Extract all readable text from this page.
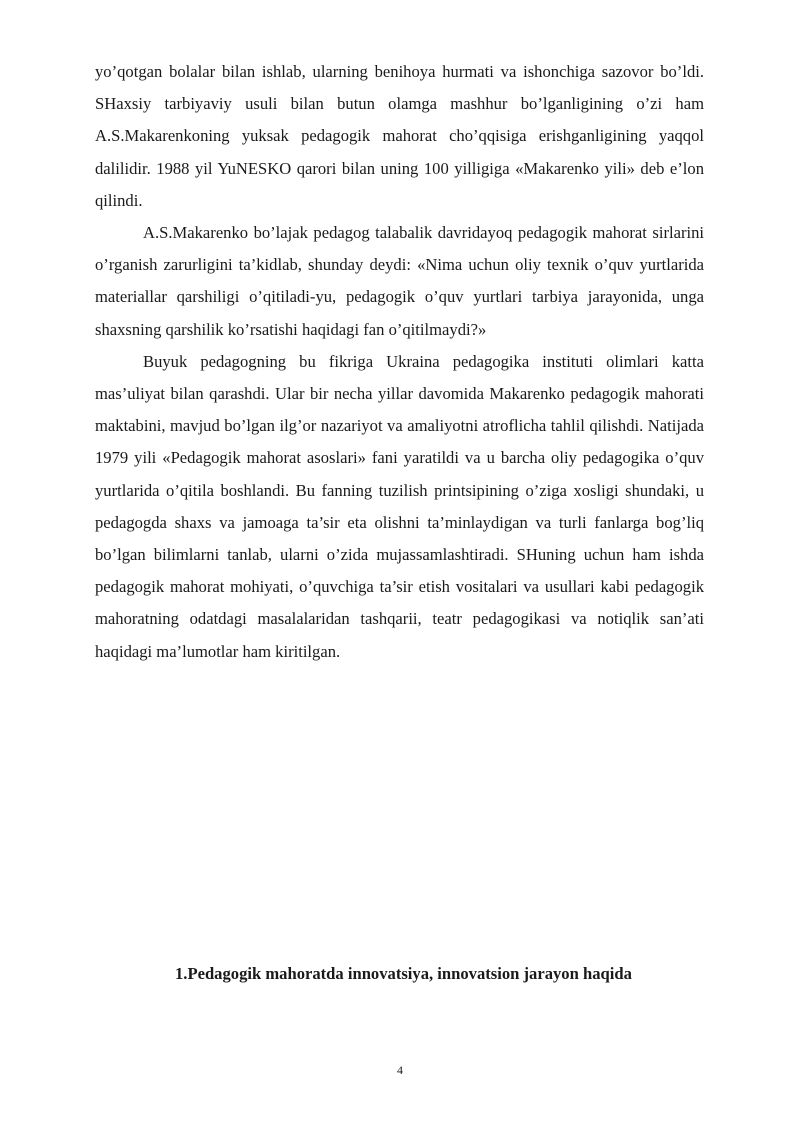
yo’qotgan bolalar bilan ishlab, ularning benihoya hurmati va ishonchiga sazovor bo’ldi. SHaxsiy tarbiyaviy usuli bilan butun olamga mashhur bo’lganligining o’zi ham A.S.Makarenkoning yuksak pedagogik mahorat cho’qqisiga erishganligining yaqqol dalilidir. 1988 yil YuNESKO qarori bilan uning 100 yilligiga «Makarenko yili» deb e’lon qilindi.

A.S.Makarenko bo’lajak pedagog talabalik davridayoq pedagogik mahorat sirlarini o’rganish zarurligini ta’kidlab, shunday deydi: «Nima uchun oliy texnik o’quv yurtlarida materiallar qarshiligi o’qitiladi-yu, pedagogik o’quv yurtlari tarbiya jarayonida, unga shaxsning qarshilik ko’rsatishi haqidagi fan o’qitilmaydi?»

Buyuk pedagogning bu fikriga Ukraina pedagogika instituti olimlari katta mas’uliyat bilan qarashdi. Ular bir necha yillar davomida Makarenko pedagogik mahorati maktabini, mavjud bo’lgan ilg’or nazariyot va amaliyotni atroflicha tahlil qilishdi. Natijada 1979 yili «Pedagogik mahorat asoslari» fani yaratildi va u barcha oliy pedagogika o’quv yurtlarida o’qitila boshlandi. Bu fanning tuzilish printsipining o’ziga xosligi shundaki, u pedagogda shaxs va jamoaga ta’sir eta olishni ta’minlaydigan va turli fanlarga bog’liq bo’lgan bilimlarni tanlab, ularni o’zida mujassamlashtiradi. SHuning uchun ham ishda pedagogik mahorat mohiyati, o’quvchiga ta’sir etish vositalari va usullari kabi pedagogik mahoratning odatdagi masalalaridan tashqarii, teatr pedagogikasi va notiqlik san’ati haqidagi ma’lumotlar ham kiritilgan.

1.Pedagogik mahoratda innovatsiya, innovatsion jarayon haqida
4
